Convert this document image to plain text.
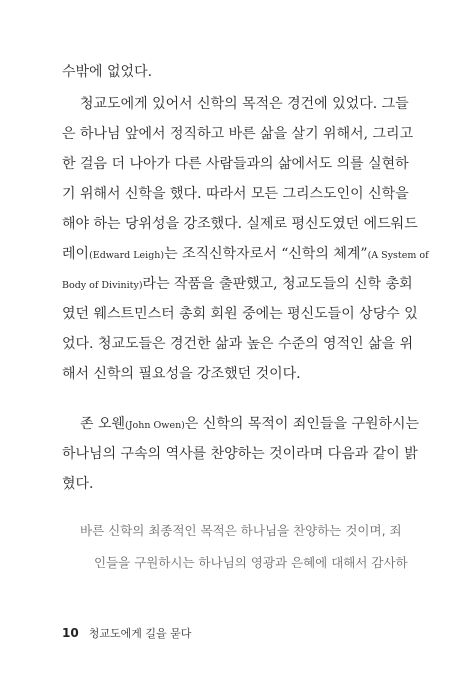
수밖에 없었다.
청교도에게 있어서 신학의 목적은 경건에 있었다. 그들
은 하나님 앞에서 정직하고 바른 삶을 살기 위해서, 그리고
한 걸음 더 나아가 다른 사람들과의 삶에서도 의를 실현하
기 위해서 신학을 했다. 따라서 모든 그리스도인이 신학을
해야 하는 당위성을 강조했다. 실제로 평신도였던 에드워드
레이(Edward Leigh)는 조직신학자로서 “신학의 체계”(A System of
Body of Divinity)라는 작품을 출판했고, 청교도들의 신학 총회
였던 웨스트민스터 총회 회원 중에는 평신도들이 상당수 있
었다. 청교도들은 경건한 삶과 높은 수준의 영적인 삶을 위
해서 신학의 필요성을 강조했던 것이다.
존 오웬(John Owen)은 신학의 목적이 죄인들을 구원하시는
하나님의 구속의 역사를 찬양하는 것이라며 다음과 같이 밝
혔다.
바른 신학의 최종적인 목적은 하나님을 찬양하는 것이며, 죄
인들을 구원하시는 하나님의 영광과 은혜에 대해서 감사하
10 청교도에게 길을 묻다
